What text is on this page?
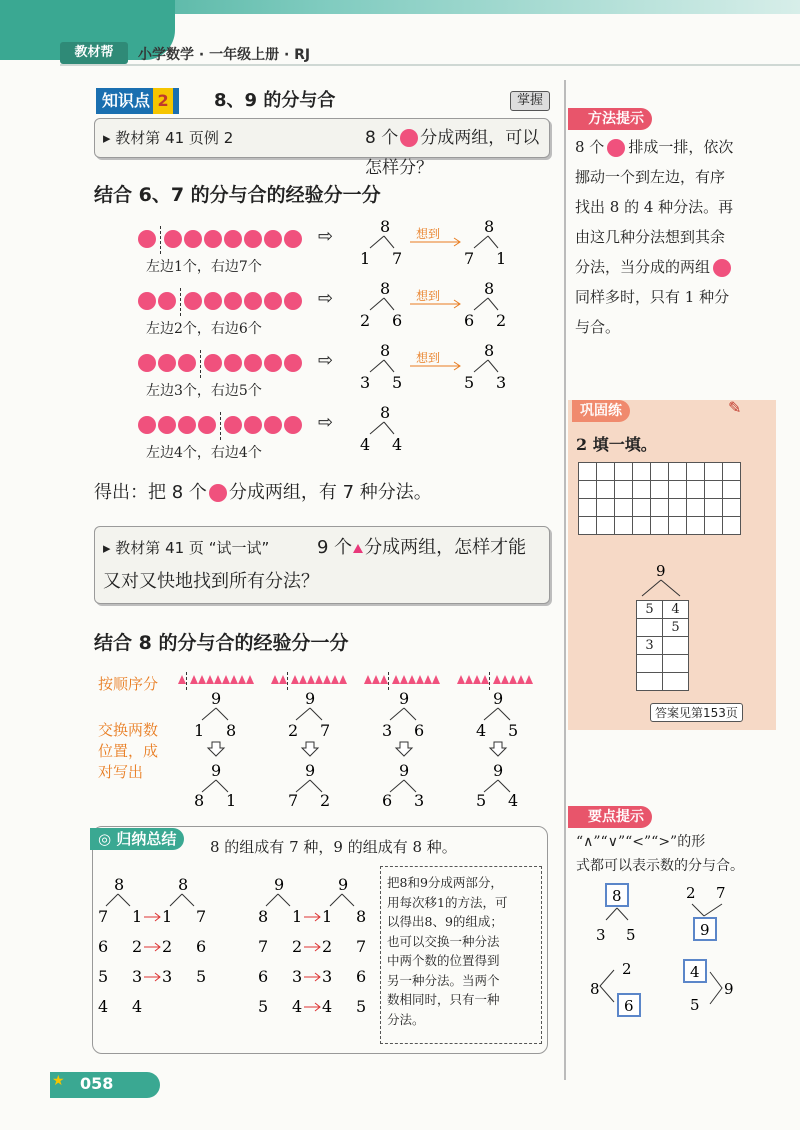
教材帮	小学数学 · 一年级上册 · RJ
知识点 2	8、9 的分与合	掌握
▸ 教材第 41 页例 2	8 个 分成两组，可以怎样分？
结合 6、7 的分与合的经验分一分
左边1个，右边7个
⇨	8
1 7
想到	8
7 1
左边2个，右边6个
⇨	8
2 6
想到	8
6 2
左边3个，右边5个
⇨	8
3 5
想到	8
5 3
左边4个，右边4个
⇨	8
4 4
得出：把 8 个 分成两组，有 7 种分法。
▸ 教材第 41 页 “试一试”	9 个 分成两组，怎样才能
又对又快地找到所有分法？
结合 8 的分与合的经验分一分
按顺序分
交换两数
位置，成
对写出
9
1 8
9
8 1
9
2 7
9
7 2
9
3 6
9
6 3
9
4 5
9
5 4
◎ 归纳总结	8 的组成有 7 种，9 的组成有 8 种。
8	8
7 1 1 7
6 2 2 6
5 3 3 5
4 4
9	9
8 1 1 8
7 2 2 7
6 3 3 6
5 4 4 5
把8和9分成两部分，
用每次移1的方法，可
以得出8、9的组成；
也可以交换一种分法
中两个数的位置得到
另一种分法。当两个
数相同时，只有一种
分法。
方法提示
8 个 排成一排，依次
挪动一个到左边，有序
找出 8 的 4 种分法。再
由这几种分法想到其余
分法，当分成的两组
同样多时，只有 1 种分
与合。
巩固练	✎
2 填一填。

9
5	4
	5
3	

答案见第153页
要点提示
“∧”“∨”“<”“>”的形
式都可以表示数的分与合。
8
3 5
2 7
9
8
2
6
4
5
9
★ 058
